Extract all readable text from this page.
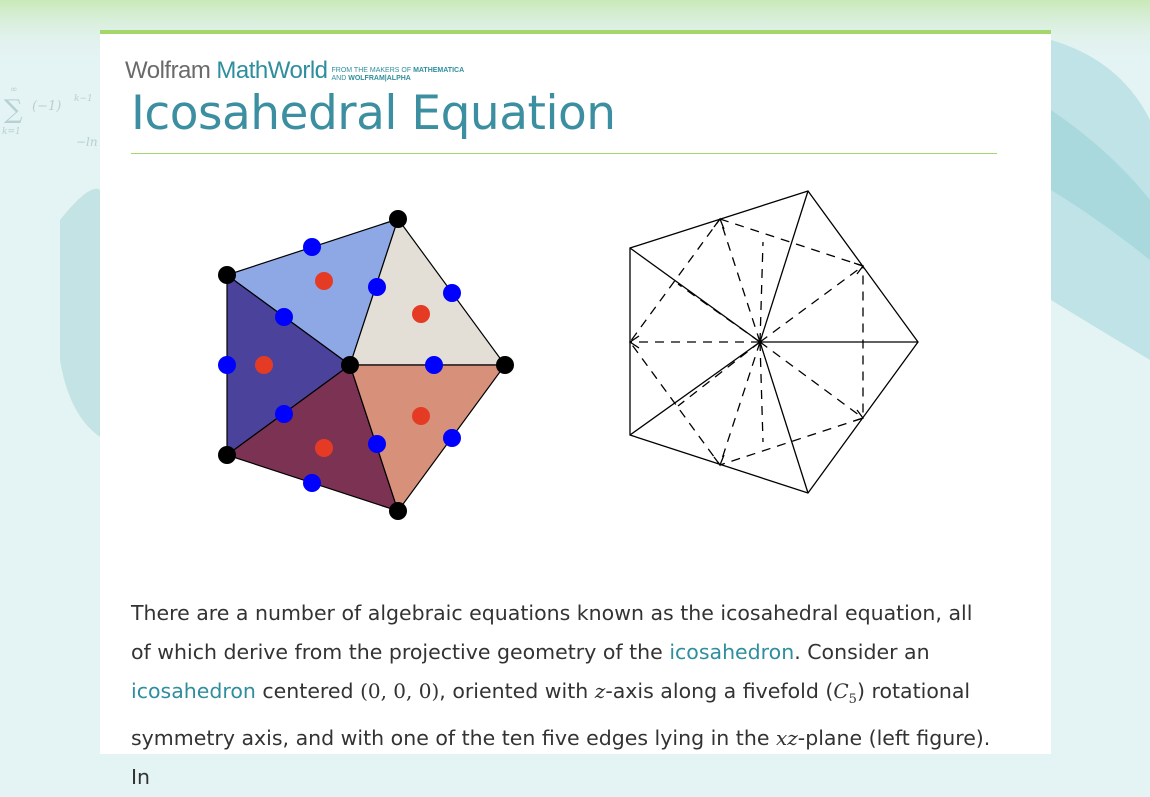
∞
∑ (−1) k−1
k=1
−ln
Wolfram MathWorld FROM THE MAKERS OF MATHEMATICA
AND WOLFRAM|ALPHA
Icosahedral Equation

There are a number of algebraic equations known as the icosahedral equation, all of which derive from the projective geometry of the icosahedron. Consider an icosahedron centered (0, 0, 0), oriented with z-axis along a fivefold $(C_5)$ rotational symmetry axis, and with one of the ten five edges lying in the xz-plane (left figure). In
